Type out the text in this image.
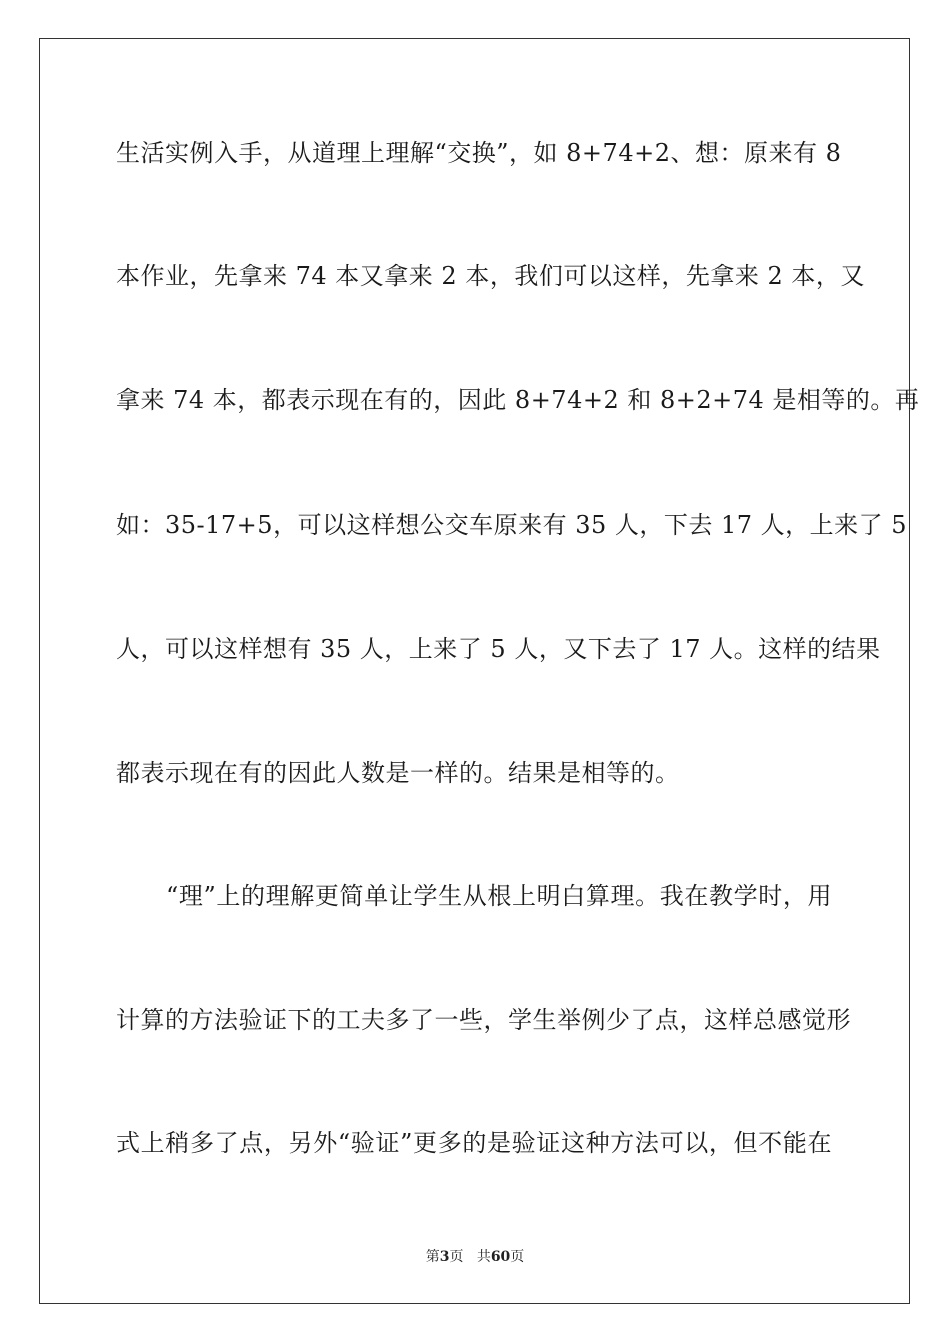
生活实例入手，从道理上理解“交换”，如 8+74+2、想：原来有 8
本作业，先拿来 74 本又拿来 2 本，我们可以这样，先拿来 2 本，又
拿来 74 本，都表示现在有的，因此 8+74+2 和 8+2+74 是相等的。再
如：35-17+5，可以这样想公交车原来有 35 人，下去 17 人，上来了 5
人，可以这样想有 35 人，上来了 5 人，又下去了 17 人。这样的结果
都表示现在有的因此人数是一样的。结果是相等的。
“理”上的理解更简单让学生从根上明白算理。我在教学时，用
计算的方法验证下的工夫多了一些，学生举例少了点，这样总感觉形
式上稍多了点，另外“验证”更多的是验证这种方法可以，但不能在
第3页 共60页
